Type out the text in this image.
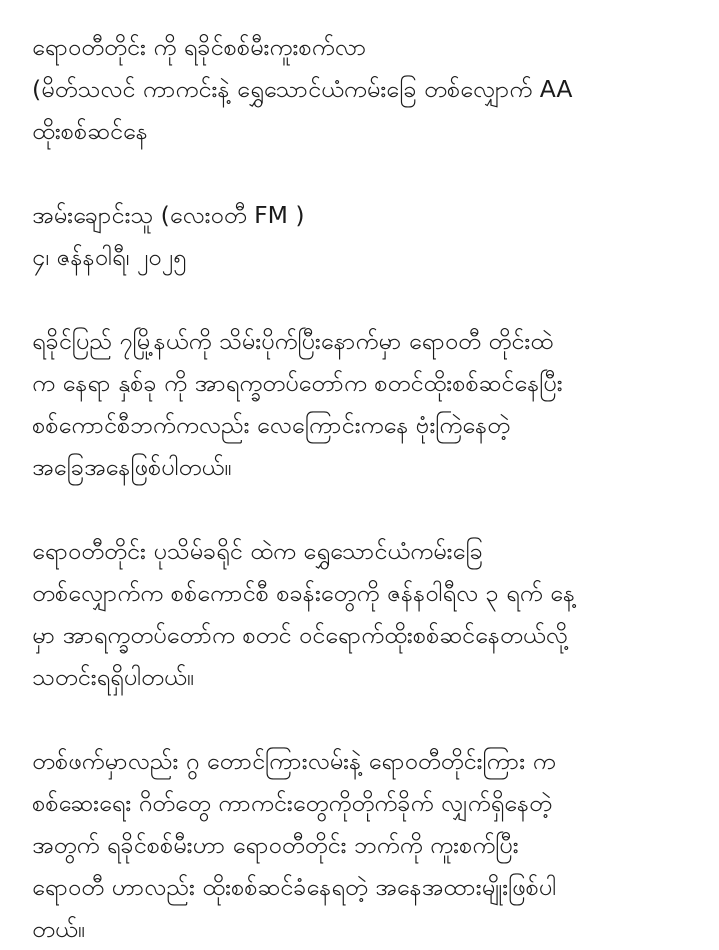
ရောဝတီတိုင်း ကို ရခိုင်စစ်မီးကူးစက်လာ
(မိတ်သလင် ကာကင်းနဲ့ ရွှေသောင်ယံကမ်းခြေ တစ်လျှောက် AA
ထိုးစစ်ဆင်နေ

အမ်းချောင်းသူ (လေးဝတီ FM )
၄၊ ဇန်နဝါရီ၊ ၂၀၂၅

ရခိုင်ပြည် ၇မြို့နယ်ကို သိမ်းပိုက်ပြီးနောက်မှာ ရောဝတီ တိုင်းထဲ
က နေရာ နှစ်ခု ကို အာရက္ခတပ်တော်က စတင်ထိုးစစ်ဆင်နေပြီး
စစ်ကောင်စီဘက်ကလည်း လေကြောင်းကနေ ဗုံးကြဲနေတဲ့
အခြေအနေဖြစ်ပါတယ်။

ရောဝတီတိုင်း ပုသိမ်ခရိုင် ထဲက ရွှေသောင်ယံကမ်းခြေ
တစ်လျှောက်က စစ်ကောင်စီ စခန်းတွေကို ဇန်နဝါရီလ ၃ ရက် နေ့
မှာ အာရက္ခတပ်တော်က စတင် ဝင်ရောက်ထိုးစစ်ဆင်နေတယ်လို့
သတင်းရရှိပါတယ်။

တစ်ဖက်မှာလည်း ဂွ တောင်ကြားလမ်းနဲ့ ရောဝတီတိုင်းကြား က
စစ်ဆေးရေး ဂိတ်တွေ ကာကင်းတွေကိုတိုက်ခိုက် လျှက်ရှိနေတဲ့
အတွက် ရခိုင်စစ်မီးဟာ ရောဝတီတိုင်း ဘက်ကို ကူးစက်ပြီး
ရောဝတီ ဟာလည်း ထိုးစစ်ဆင်ခံနေရတဲ့ အနေအထားမျိုးဖြစ်ပါ
တယ်။
